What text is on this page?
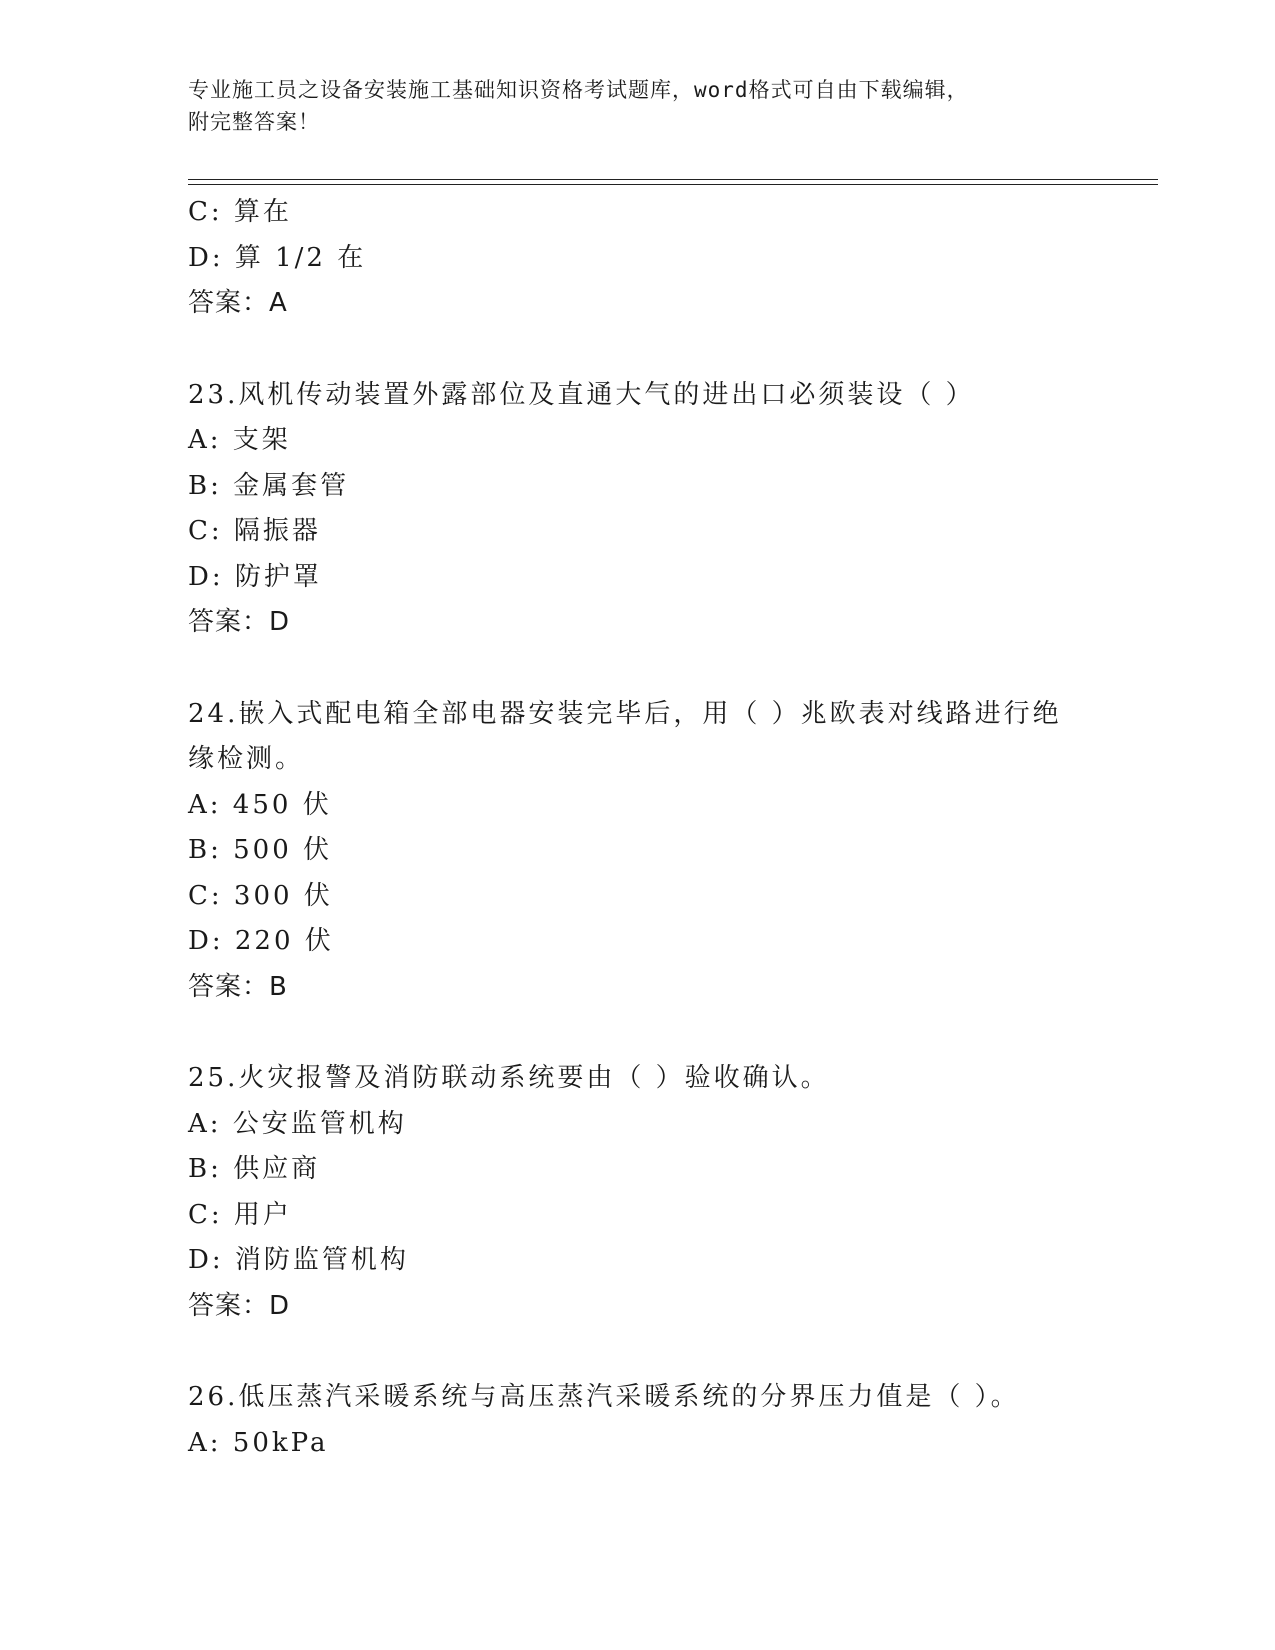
专业施工员之设备安装施工基础知识资格考试题库，word格式可自由下载编辑，
附完整答案！
C: 算在
D: 算 1/2 在
答案：A
23.风机传动装置外露部位及直通大气的进出口必须装设（ ）
A: 支架
B: 金属套管
C: 隔振器
D: 防护罩
答案：D
24.嵌入式配电箱全部电器安装完毕后，用（ ）兆欧表对线路进行绝
缘检测。
A: 450 伏
B: 500 伏
C: 300 伏
D: 220 伏
答案：B
25.火灾报警及消防联动系统要由（ ）验收确认。
A: 公安监管机构
B: 供应商
C: 用户
D: 消防监管机构
答案：D
26.低压蒸汽采暖系统与高压蒸汽采暖系统的分界压力值是（ ）。
A: 50kPa
